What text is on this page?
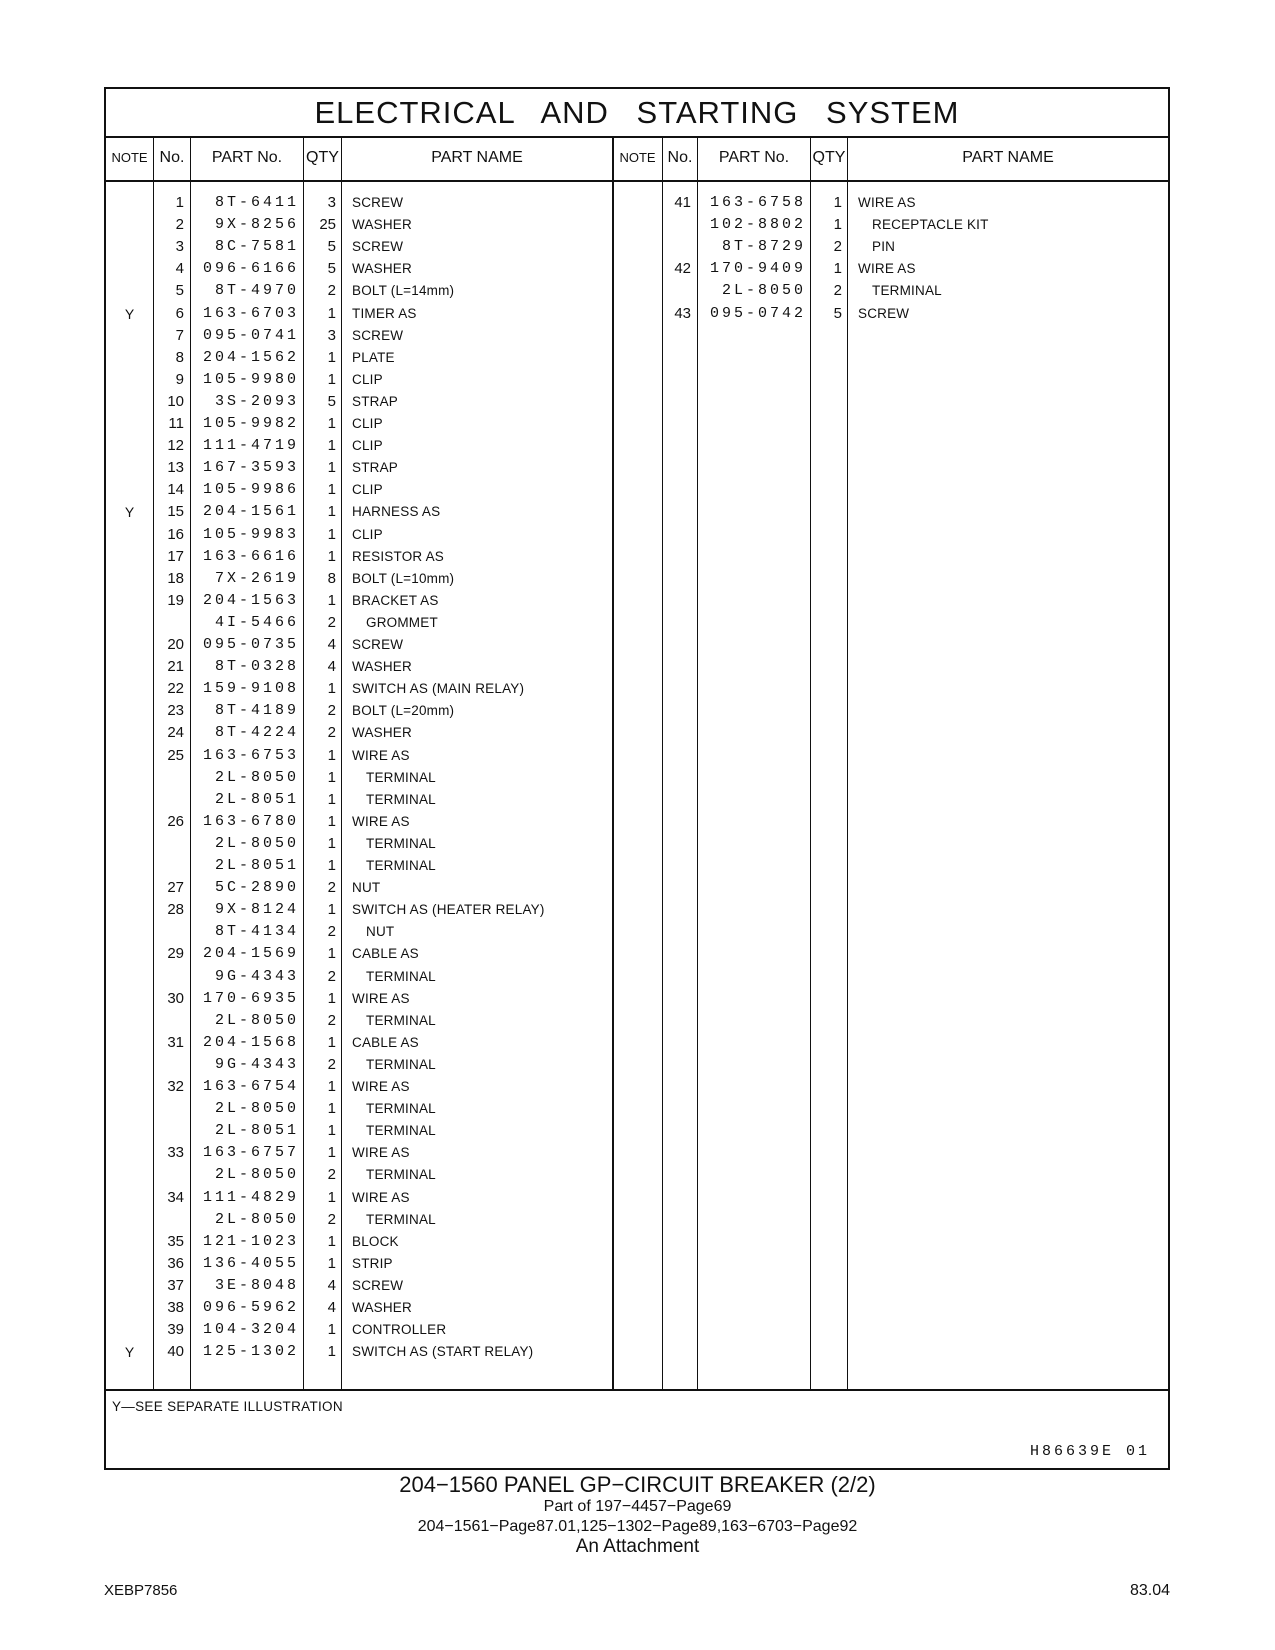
ELECTRICAL AND STARTING SYSTEM
NOTE No.	PART No.	QTY	PART NAME	NOTE No.	PART No.	QTY	PART NAME
1	8T-6411	3 SCREW
2	9X-8256	25 WASHER
3	8C-7581	5 SCREW
4	096-6166	5 WASHER
5	8T-4970	2 BOLT (L=14mm)
Y	6	163-6703	1 TIMER AS
7	095-0741	3 SCREW
8	204-1562	1 PLATE
9	105-9980	1 CLIP
10	3S-2093	5 STRAP
11	105-9982	1 CLIP
12	111-4719	1 CLIP
13	167-3593	1 STRAP
14	105-9986	1 CLIP
Y	15	204-1561	1 HARNESS AS
16	105-9983	1 CLIP
17	163-6616	1 RESISTOR AS
18	7X-2619	8 BOLT (L=10mm)
19	204-1563	1 BRACKET AS
4I-5466	2	GROMMET
20	095-0735	4 SCREW
21	8T-0328	4 WASHER
22	159-9108	1 SWITCH AS (MAIN RELAY)
23	8T-4189	2 BOLT (L=20mm)
24	8T-4224	2 WASHER
25	163-6753	1 WIRE AS
2L-8050	1	TERMINAL
2L-8051	1	TERMINAL
26	163-6780	1 WIRE AS
2L-8050	1	TERMINAL
2L-8051	1	TERMINAL
27	5C-2890	2 NUT
28	9X-8124	1 SWITCH AS (HEATER RELAY)
8T-4134	2	NUT
29	204-1569	1 CABLE AS
9G-4343	2	TERMINAL
30	170-6935	1 WIRE AS
2L-8050	2	TERMINAL
31	204-1568	1 CABLE AS
9G-4343	2	TERMINAL
32	163-6754	1 WIRE AS
2L-8050	1	TERMINAL
2L-8051	1	TERMINAL
33	163-6757	1 WIRE AS
2L-8050	2	TERMINAL
34	111-4829	1 WIRE AS
2L-8050	2	TERMINAL
35	121-1023	1 BLOCK
36	136-4055	1 STRIP
37	3E-8048	4 SCREW
38	096-5962	4 WASHER
39	104-3204	1 CONTROLLER
Y	40	125-1302	1 SWITCH AS (START RELAY)
41	163-6758	1 WIRE AS
102-8802	1	RECEPTACLE KIT
8T-8729	2	PIN
42	170-9409	1 WIRE AS
2L-8050	2	TERMINAL
43	095-0742	5 SCREW
Y—SEE SEPARATE ILLUSTRATION
H86639E 01
204−1560 PANEL GP−CIRCUIT BREAKER (2/2)
Part of 197−4457−Page69
204−1561−Page87.01,125−1302−Page89,163−6703−Page92
An Attachment
XEBP7856	83.04
